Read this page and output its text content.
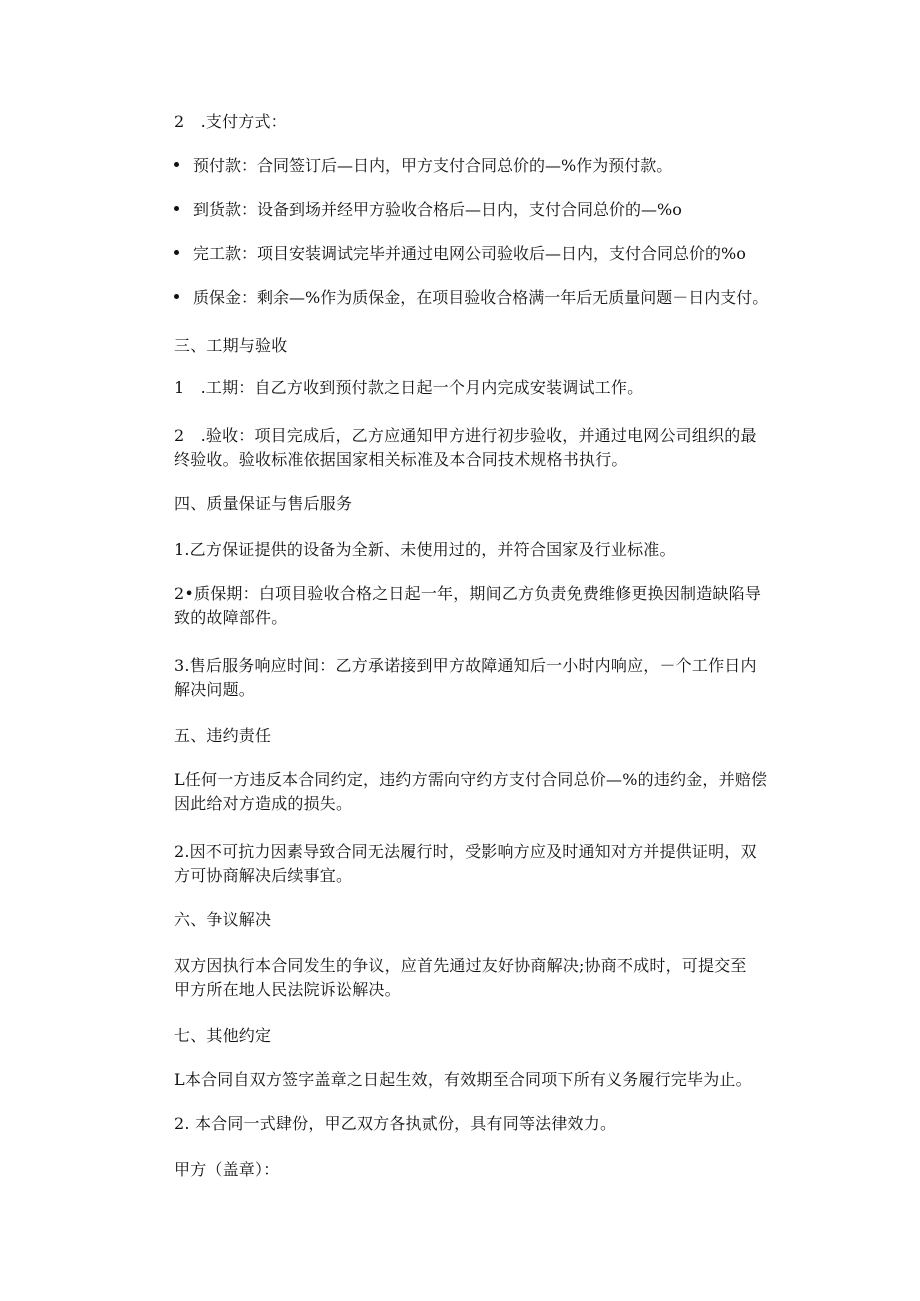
2　.支付方式：
预付款：合同签订后—日内，甲方支付合同总价的—%作为预付款。
到货款：设备到场并经甲方验收合格后—日内，支付合同总价的—%o
完工款：项目安装调试完毕并通过电网公司验收后—日内，支付合同总价的%o
质保金：剩余—%作为质保金，在项目验收合格满一年后无质量问题－日内支付。
三、工期与验收
1　.工期：自乙方收到预付款之日起一个月内完成安装调试工作。
2　.验收：项目完成后，乙方应通知甲方进行初步验收，并通过电网公司组织的最
终验收。验收标准依据国家相关标准及本合同技术规格书执行。
四、质量保证与售后服务
1.乙方保证提供的设备为全新、未使用过的，并符合国家及行业标准。
2•质保期：白项目验收合格之日起一年，期间乙方负责免费维修更换因制造缺陷导
致的故障部件。
3.售后服务响应时间：乙方承诺接到甲方故障通知后一小时内响应，－个工作日内
解决问题。
五、违约责任
L任何一方违反本合同约定，违约方需向守约方支付合同总价—%的违约金，并赔偿
因此给对方造成的损失。
2.因不可抗力因素导致合同无法履行时，受影响方应及时通知对方并提供证明，双
方可协商解决后续事宜。
六、争议解决
双方因执行本合同发生的争议，应首先通过友好协商解决;协商不成时，可提交至
甲方所在地人民法院诉讼解决。
七、其他约定
L本合同自双方签字盖章之日起生效，有效期至合同项下所有义务履行完毕为止。
2. 本合同一式肆份，甲乙双方各执贰份，具有同等法律效力。
甲方（盖章）：
